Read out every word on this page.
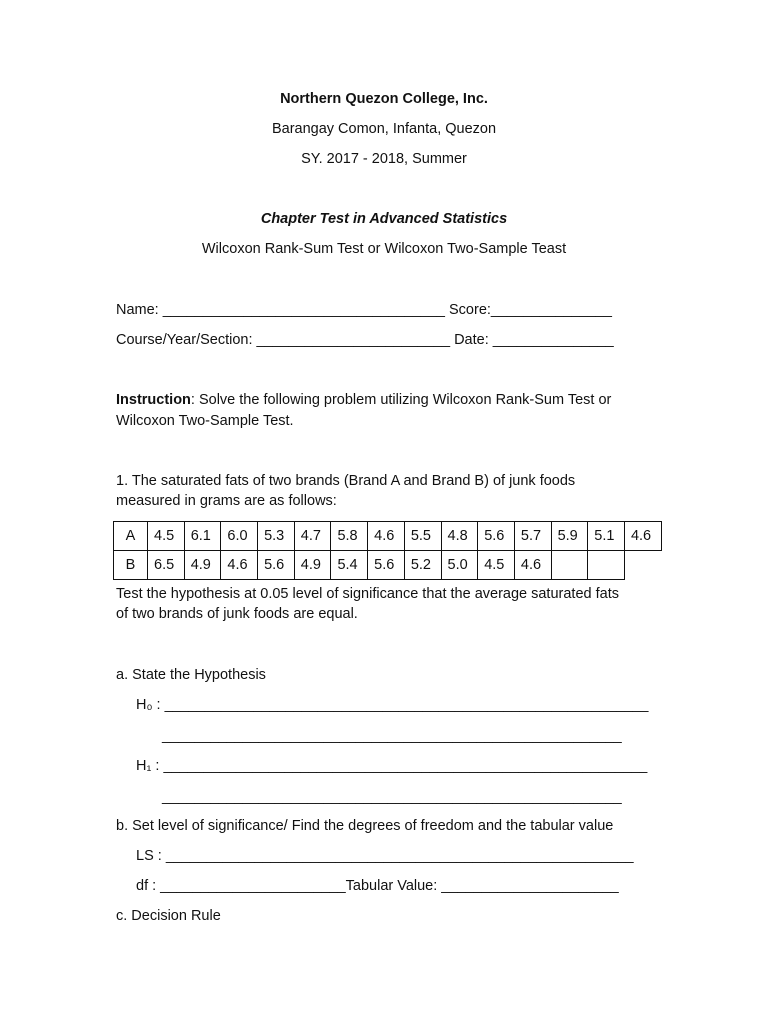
Northern Quezon College, Inc.
Barangay Comon, Infanta, Quezon
SY. 2017 - 2018, Summer
Chapter Test in Advanced Statistics
Wilcoxon Rank-Sum Test or Wilcoxon Two-Sample Teast
Name: ___________________________________ Score:_______________
Course/Year/Section: ________________________ Date: _______________
Instruction: Solve the following problem utilizing Wilcoxon Rank-Sum Test or
Wilcoxon Two-Sample Test.
1. The saturated fats of two brands (Brand A and Brand B) of junk foods
measured in grams are as follows:
A	4.5	6.1	6.0	5.3	4.7	5.8	4.6	5.5	4.8	5.6	5.7	5.9	5.1	4.6
B	6.5	4.9	4.6	5.6	4.9	5.4	5.6	5.2	5.0	4.5	4.6			
Test the hypothesis at 0.05 level of significance that the average saturated fats
of two brands of junk foods are equal.
a. State the Hypothesis
H₀ : ____________________________________________________________
_________________________________________________________
H₁ : ____________________________________________________________
_________________________________________________________
b. Set level of significance/ Find the degrees of freedom and the tabular value
LS : __________________________________________________________
df : _______________________Tabular Value: ______________________
c. Decision Rule
